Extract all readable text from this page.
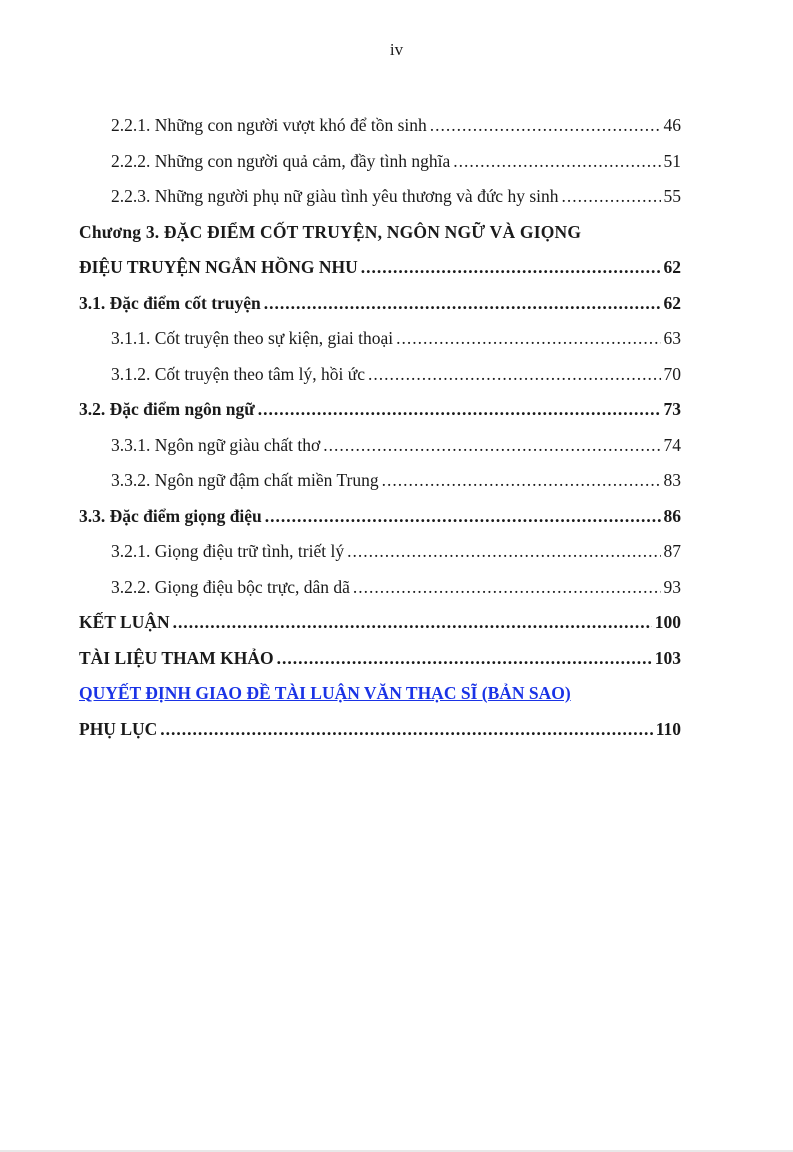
iv
2.2.1. Những con người vượt khó để tồn sinh .....	46
2.2.2. Những con người quả cảm, đầy tình nghĩa .....	51
2.2.3. Những người phụ nữ giàu tình yêu thương và đức hy sinh .....	55
Chương 3. ĐẶC ĐIỂM CỐT TRUYỆN, NGÔN NGỮ VÀ GIỌNG
ĐIỆU TRUYỆN NGẮN HỒNG NHU .....	62
3.1. Đặc điểm cốt truyện .....	62
3.1.1. Cốt truyện theo sự kiện, giai thoại .....	63
3.1.2. Cốt truyện theo tâm lý, hồi ức .....	70
3.2. Đặc điểm ngôn ngữ .....	73
3.3.1. Ngôn ngữ giàu chất thơ .....	74
3.3.2. Ngôn ngữ đậm chất miền Trung .....	83
3.3. Đặc điểm giọng điệu .....	86
3.2.1. Giọng điệu trữ tình, triết lý .....	87
3.2.2. Giọng điệu bộc trực, dân dã .....	93
KẾT LUẬN .....	100
TÀI LIỆU THAM KHẢO .....	103
QUYẾT ĐỊNH GIAO ĐỀ TÀI LUẬN VĂN THẠC SĨ (BẢN SAO)
PHỤ LỤC .....	110
